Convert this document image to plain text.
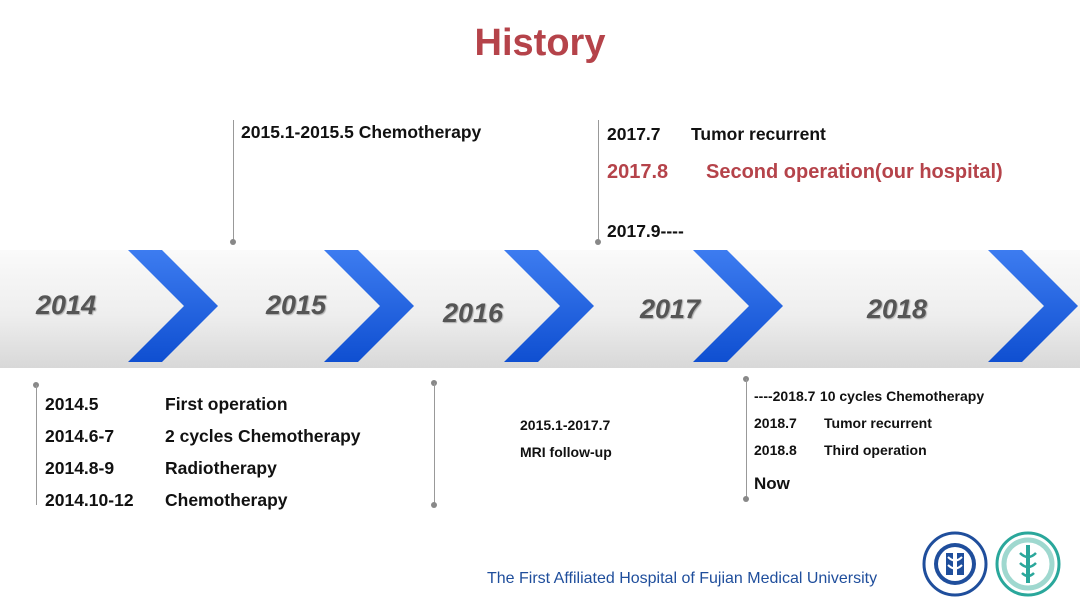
History
2014	2015	2016	2017	2018
2015.1-2015.5 Chemotherapy	2017.7 Tumor recurrent
2017.8 Second operation(our hospital)
2017.9----
2014.5	First operation
2014.6-7	2 cycles Chemotherapy
2014.8-9	Radiotherapy
2014.10-12 Chemotherapy
2015.1-2017.7
MRI follow-up
----2018.7 10 cycles Chemotherapy
2018.7 Tumor recurrent
2018.8 Third operation
Now
The First Affiliated Hospital of Fujian Medical University
